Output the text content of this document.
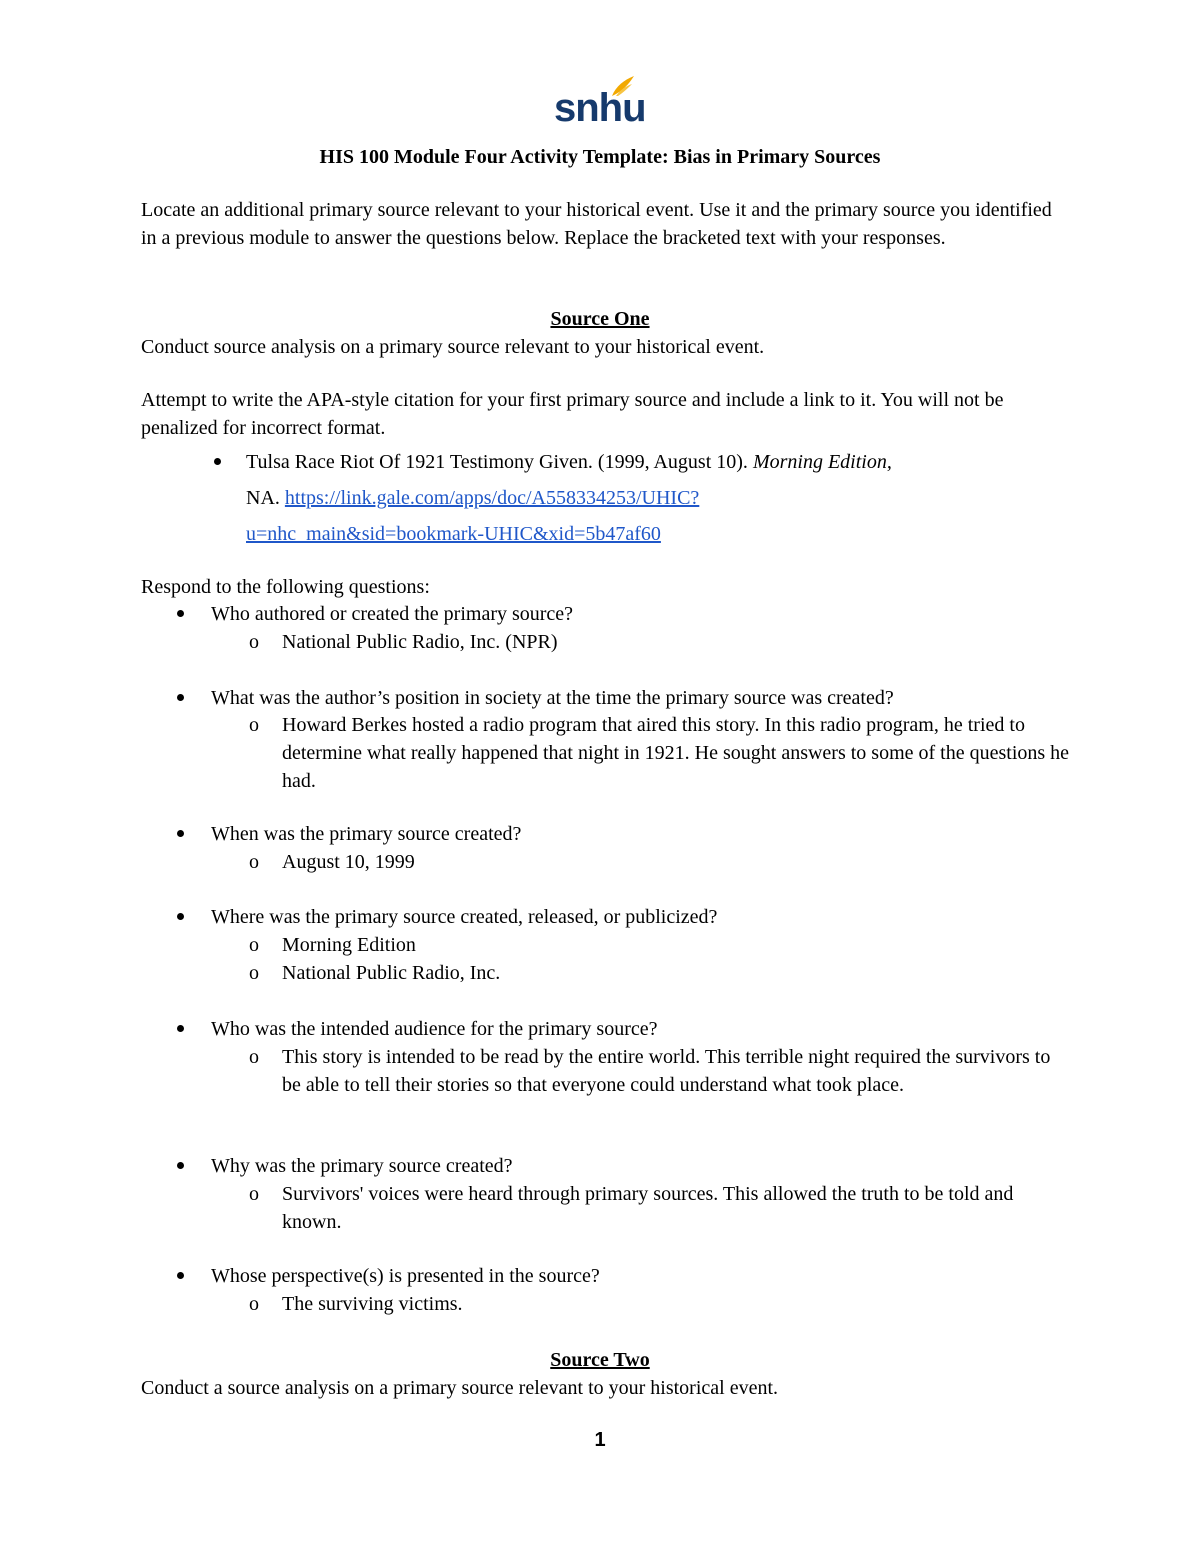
snhu
HIS 100 Module Four Activity Template: Bias in Primary Sources
Locate an additional primary source relevant to your historical event. Use it and the primary source you identified in a previous module to answer the questions below. Replace the bracketed text with your responses.
Source One
Conduct source analysis on a primary source relevant to your historical event.
Attempt to write the APA-style citation for your first primary source and include a link to it. You will not be penalized for incorrect format.
Tulsa Race Riot Of 1921 Testimony Given. (1999, August 10). Morning Edition,
NA. https://link.gale.com/apps/doc/A558334253/UHIC?
u=nhc_main&sid=bookmark-UHIC&xid=5b47af60
Respond to the following questions:
Who authored or created the primary source?
o National Public Radio, Inc. (NPR)
What was the author’s position in society at the time the primary source was created?
o Howard Berkes hosted a radio program that aired this story. In this radio program, he tried to determine what really happened that night in 1921. He sought answers to some of the questions he had.
When was the primary source created?
o August 10, 1999
Where was the primary source created, released, or publicized?
o Morning Edition
o National Public Radio, Inc.
Who was the intended audience for the primary source?
o This story is intended to be read by the entire world. This terrible night required the survivors to be able to tell their stories so that everyone could understand what took place.
Why was the primary source created?
o Survivors' voices were heard through primary sources. This allowed the truth to be told and known.
Whose perspective(s) is presented in the source?
o The surviving victims.
Source Two
Conduct a source analysis on a primary source relevant to your historical event.
1
